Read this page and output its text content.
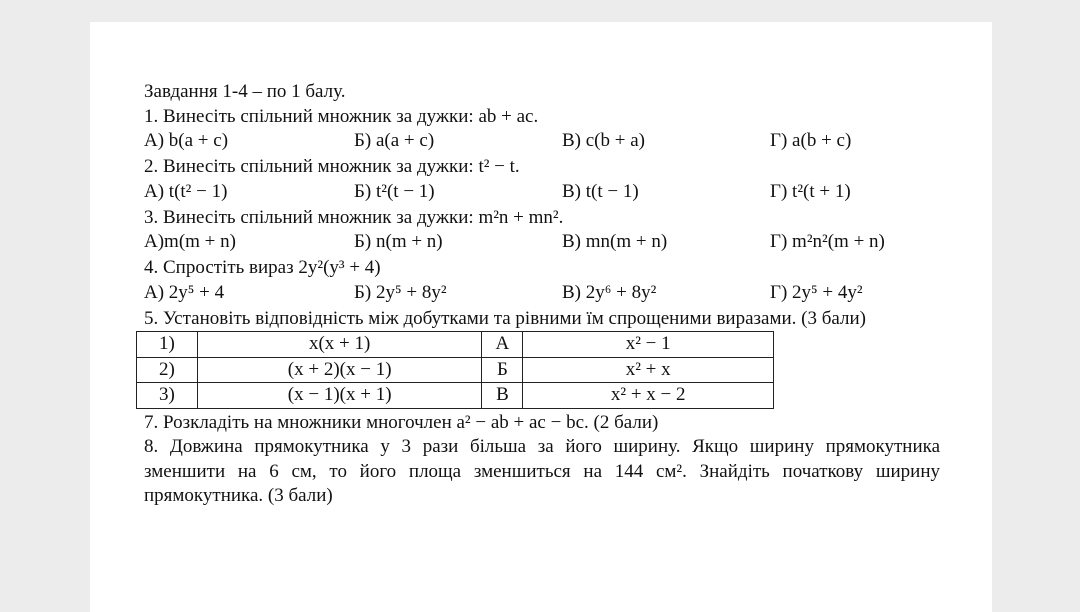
Завдання 1-4 – по 1 балу.
1. Винесіть спільний множник за дужки: ab + ac.
А) b(a + c)	Б) a(a + c)	В) c(b + a)	Г) a(b + c)
2. Винесіть спільний множник за дужки: t² − t.
А) t(t² − 1)	Б) t²(t − 1)	В) t(t − 1)	Г) t²(t + 1)
3. Винесіть спільний множник за дужки: m²n + mn².
А)m(m + n)	Б) n(m + n)	В) mn(m + n)	Г) m²n²(m + n)
4. Спростіть вираз 2y²(y³ + 4)
А) 2y⁵ + 4	Б) 2y⁵ + 8y²	В) 2y⁶ + 8y²	Г) 2y⁵ + 4y²
5. Установіть відповідність між добутками та рівними їм спрощеними виразами. (3 бали)
1)	x(x + 1)	А	x² − 1
2)	(x + 2)(x − 1)	Б	x² + x
3)	(x − 1)(x + 1)	В	x² + x − 2
7. Розкладіть на множники многочлен a² − ab + ac − bc. (2 бали)
8. Довжина прямокутника у 3 рази більша за його ширину. Якщо ширину прямокутника зменшити на 6 см, то його площа зменшиться на 144 см². Знайдіть початкову ширину прямокутника. (3 бали)
